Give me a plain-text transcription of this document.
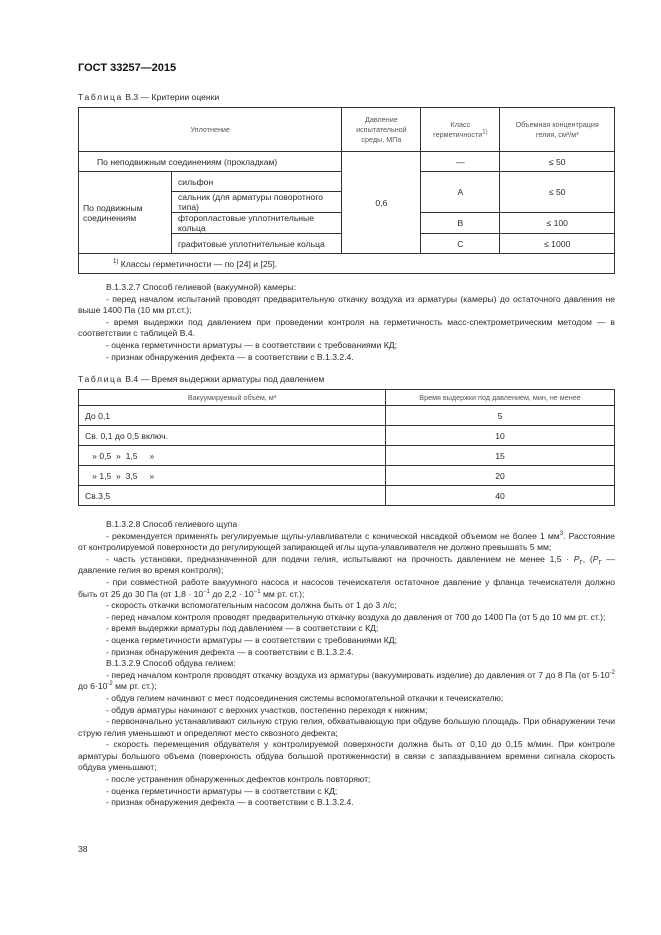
ГОСТ 33257—2015
Таблица В.3 — Критерии оценки
Уплотнение		Давление испытательной среды, МПа	Класс герметичности$^{1)}$	Объемная концентрация гелия, см³/м³
По неподвижным соединениям (прокладкам)		0,6	—	≤ 50
По подвижным соединениям	сильфон		А	≤ 50
	сальник (для арматуры поворотного типа)			
	фторопластовые уплотнительные кольца		В	≤ 100
	графитовые уплотнительные кольца		С	≤ 1000
$^{1)}$ Классы герметичности — по [24] и [25].				

В.1.3.2.7 Способ гелиевой (вакуумной) камеры:

- перед началом испытаний проводят предварительную откачку воздуха из арматуры (камеры) до остаточного давления не выше 1400 Па (10 мм рт.ст.);

- время выдержки под давлением при проведении контроля на герметичность масс-спектрометрическим методом — в соответствии с таблицей В.4.

- оценка герметичности арматуры — в соответствии с требованиями КД;

- признак обнаружения дефекта — в соответствии с В.1.3.2.4.

Таблица В.4 — Время выдержки арматуры под давлением
Вакуумируемый объем, м³	Время выдержки под давлением, мин, не менее
До 0,1	5
Св. 0,1 до 0,5 включ.	10
» 0,5  »  1,5     »	15
» 1,5  »  3,5     »	20
Св.3,5	40

В.1.3.2.8 Способ гелиевого щупа

- рекомендуется применять регулируемые щупы-улавливатели с конической насадкой объемом не более 1 $мм^3$. Расстояние от контролируемой поверхности до регулирующей запирающей иглы щупа-улавливателя не должно превышать 5 мм;

- часть установки, предназначенной для подачи гелия, испытывают на прочность давлением не менее $1,5 \cdot P_Г$, ($P_Г$ — давление гелия во время контроля);

- при совместной работе вакуумного насоса и насосов течеискателя остаточное давление у фланца течеискателя должно быть от 25 до 30 Па (от $1,8 \cdot 10^{-1}$ до $2,2 \cdot 10^{-1}$ мм рт. ст.);

- скорость откачки вспомогательным насосом должна быть от 1 до 3 л/с;

- перед началом контроля проводят предварительную откачку воздуха до давления от 700 до 1400 Па (от 5 до 10 мм рт. ст.);

- время выдержки арматуры под давлением — в соответствии с КД;

- оценка герметичности арматуры — в соответствии с требованиями КД;

- признак обнаружения дефекта — в соответствии с В.1.3.2.4.

В.1.3.2.9 Способ обдува гелием:

- перед началом контроля проводят откачку воздуха из арматуры (вакуумировать изделие) до давления от 7 до 8 Па (от $5\cdot 10^{-2}$ до $6\cdot 10^{-2}$ мм рт. ст.);

- обдув гелием начинают с мест подсоединения системы вспомогательной откачки к течеискателю;

- обдув арматуры начинают с верхних участков, постепенно переходя к нижним;

- первоначально устанавливают сильную струю гелия, обхватывающую при обдуве большую площадь. При обнаружении течи струю гелия уменьшают и определяют место сквозного дефекта;

- скорость перемещения обдувателя у контролируемой поверхности должна быть от 0,10 до 0,15 м/мин. При контроле арматуры большого объема (поверхность обдува большой протяженности) в связи с запаздыванием времени сигнала скорость обдува уменьшают;

- после устранения обнаруженных дефектов контроль повторяют;

- оценка герметичности арматуры — в соответствии с КД;

- признак обнаружения дефекта — в соответствии с В.1.3.2.4.

38
